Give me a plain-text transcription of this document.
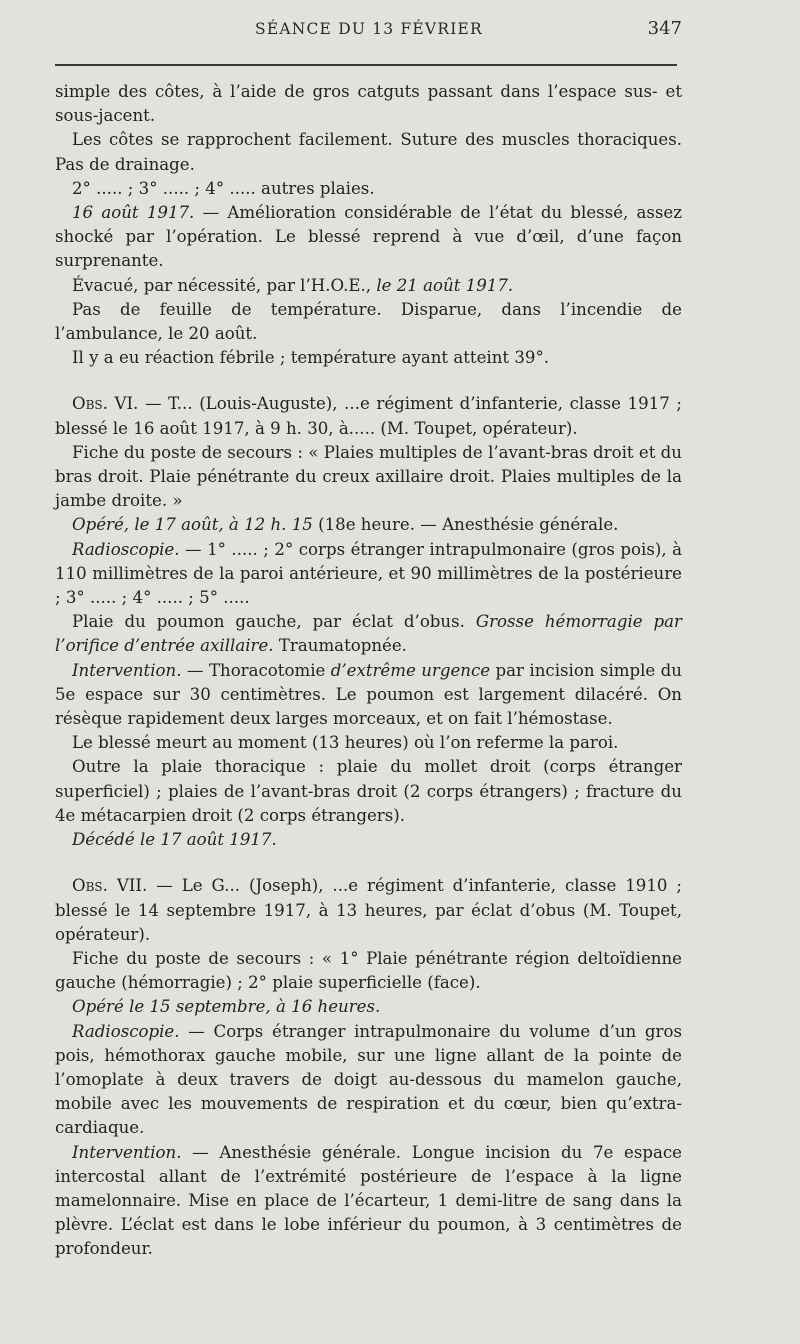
SÉANCE DU 13 FÉVRIER	347

simple des côtes, à l’aide de gros catguts passant dans l’espace sus- et sous-jacent.

Les côtes se rapprochent facilement. Suture des muscles thoraciques. Pas de drainage.

2° ..... ; 3° ..... ; 4° ..... autres plaies.

16 août 1917. — Amélioration considérable de l’état du blessé, assez shocké par l’opération. Le blessé reprend à vue d’œil, d’une façon surprenante.

Évacué, par nécessité, par l’H.O.E., le 21 août 1917.

Pas de feuille de température. Disparue, dans l’incendie de l’ambulance, le 20 août.

Il y a eu réaction fébrile ; température ayant atteint 39°.

Obs. VI. — T... (Louis-Auguste), ...e régiment d’infanterie, classe 1917 ; blessé le 16 août 1917, à 9 h. 30, à..... (M. Toupet, opérateur).

Fiche du poste de secours : « Plaies multiples de l’avant-bras droit et du bras droit. Plaie pénétrante du creux axillaire droit. Plaies multiples de la jambe droite. »

Opéré, le 17 août, à 12 h. 15 (18e heure. — Anesthésie générale.

Radioscopie. — 1° ..... ; 2° corps étranger intrapulmonaire (gros pois), à 110 millimètres de la paroi antérieure, et 90 millimètres de la postérieure ; 3° ..... ; 4° ..... ; 5° .....

Plaie du poumon gauche, par éclat d’obus. Grosse hémorragie par l’orifice d’entrée axillaire. Traumatopnée.

Intervention. — Thoracotomie d’extrême urgence par incision simple du 5e espace sur 30 centimètres. Le poumon est largement dilacéré. On résèque rapidement deux larges morceaux, et on fait l’hémostase.

Le blessé meurt au moment (13 heures) où l’on referme la paroi.

Outre la plaie thoracique : plaie du mollet droit (corps étranger superficiel) ; plaies de l’avant-bras droit (2 corps étrangers) ; fracture du 4e métacarpien droit (2 corps étrangers).

Décédé le 17 août 1917.

Obs. VII. — Le G... (Joseph), ...e régiment d’infanterie, classe 1910 ; blessé le 14 septembre 1917, à 13 heures, par éclat d’obus (M. Toupet, opérateur).

Fiche du poste de secours : « 1° Plaie pénétrante région deltoïdienne gauche (hémorragie) ; 2° plaie superficielle (face).

Opéré le 15 septembre, à 16 heures.

Radioscopie. — Corps étranger intrapulmonaire du volume d’un gros pois, hémothorax gauche mobile, sur une ligne allant de la pointe de l’omoplate à deux travers de doigt au-dessous du mamelon gauche, mobile avec les mouvements de respiration et du cœur, bien qu’extra-cardiaque.

Intervention. — Anesthésie générale. Longue incision du 7e espace intercostal allant de l’extrémité postérieure de l’espace à la ligne mamelonnaire. Mise en place de l’écarteur, 1 demi-litre de sang dans la plèvre. L’éclat est dans le lobe inférieur du poumon, à 3 centimètres de profondeur.
